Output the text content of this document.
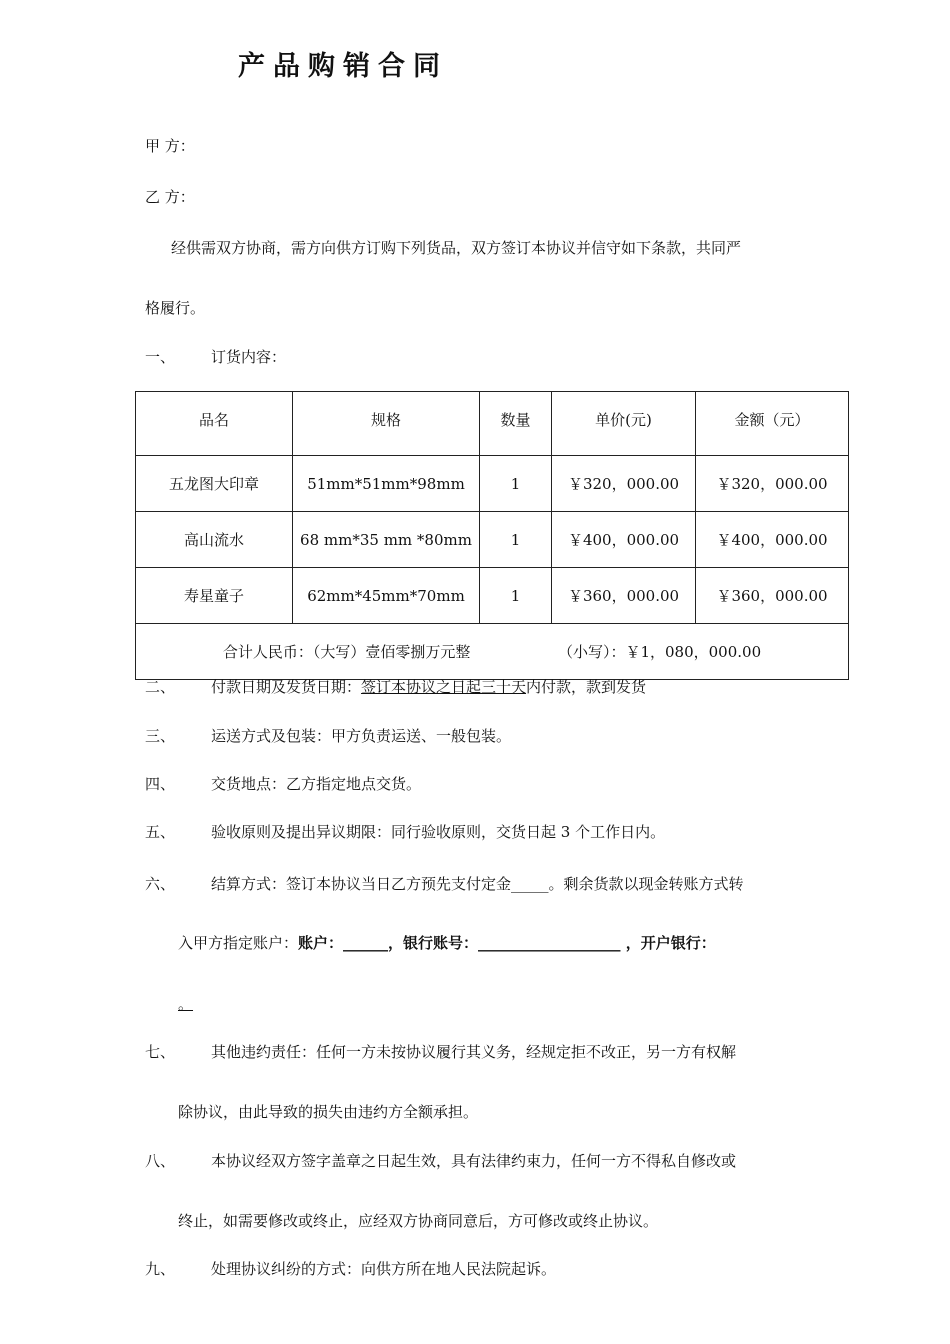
产品购销合同
甲 方：
乙 方：
经供需双方协商，需方向供方订购下列货品，双方签订本协议并信守如下条款，共同严
格履行。
一、 订货内容：
品名	规格	数量	单价(元)	金额（元）
五龙图大印章	51mm*51mm*98mm	1	￥320，000.00	￥320，000.00
高山流水	68 mm*35 mm *80mm	1	￥400，000.00	￥400，000.00
寿星童子	62mm*45mm*70mm	1	￥360，000.00	￥360，000.00
合计人民币：（大写）壹佰零捌万元整 （小写）：￥1，080，000.00				
二、 付款日期及发货日期：签订本协议之日起三十天内付款，款到发货
三、 运送方式及包装：甲方负责运送、一般包装。
四、 交货地点：乙方指定地点交货。
五、 验收原则及提出异议期限：同行验收原则，交货日起 3 个工作日内。
六、 结算方式：签订本协议当日乙方预先支付定金_____。剩余货款以现金转账方式转
入甲方指定账户：账户：______，银行账号：___________________ ，开户银行：
。
七、 其他违约责任：任何一方未按协议履行其义务，经规定拒不改正，另一方有权解
除协议，由此导致的损失由违约方全额承担。
八、 本协议经双方签字盖章之日起生效，具有法律约束力，任何一方不得私自修改或
终止，如需要修改或终止，应经双方协商同意后，方可修改或终止协议。
九、 处理协议纠纷的方式：向供方所在地人民法院起诉。
